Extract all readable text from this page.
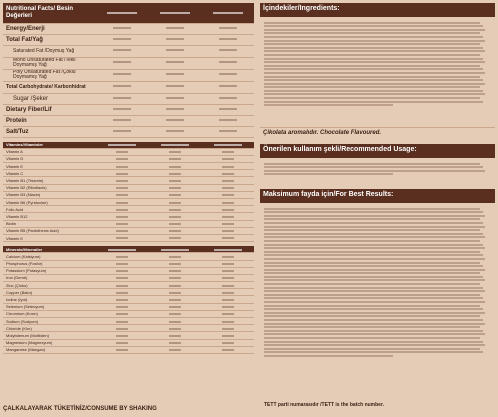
Nutritional Facts/ Besin Değerleri			
Energy/Enerji			
Total Fat/Yağ			
Saturated Fat /Doymuş Yağ			
Mono Unsaturated Fat /Tekli Doymamış Yağ			
Poly Unsaturated Fat /Çoklu Doymamış Yağ			
Total Carbohydrate/ Karbonhidrat			
Sugar /Şeker			
Dietary Fiber/Lif			
Protein			
Salt/Tuz			
Vitamins/Vitaminler			
Vitamin A			
Vitamin D			
Vitamin E			
Vitamin C			
Vitamin B1 (Thiamin)			
Vitamin B2 (Riboflavin)			
Vitamin B3 (Niacin)			
Vitamin B6 (Pyridoxine)			
Folic Acid			
Vitamin B12			
Biotin			
Vitamin B5 (Pantothenic Acid)			
Vitamin K			
Minerals/Mineraller			
Calcium (Kalsiyum)			
Phosphorus (Fosfor)			
Potassium (Potasyum)			
Iron (Demir)			
Zinc (Çinko)			
Copper (Bakır)			
Iodine (İyot)			
Selenium (Selenyum)			
Chromium (Krom)			
Sodium (Sodyum)			
Chloride (Klor)			
Molybdenum (Molibden)			
Magnesium (Magnezyum)			
Manganese (Mangan)			
İçindekiler/Ingredients:
Çikolata aromalıdır. Chocolate Flavoured.
Önerilen kullanım şekli/Recommended Usage:
Maksimum fayda için/For Best Results:
TETT parti numarasıdır /TETT is the batch number.
ÇALKALAYARAK TÜKETİNİZ/CONSUME BY SHAKING
